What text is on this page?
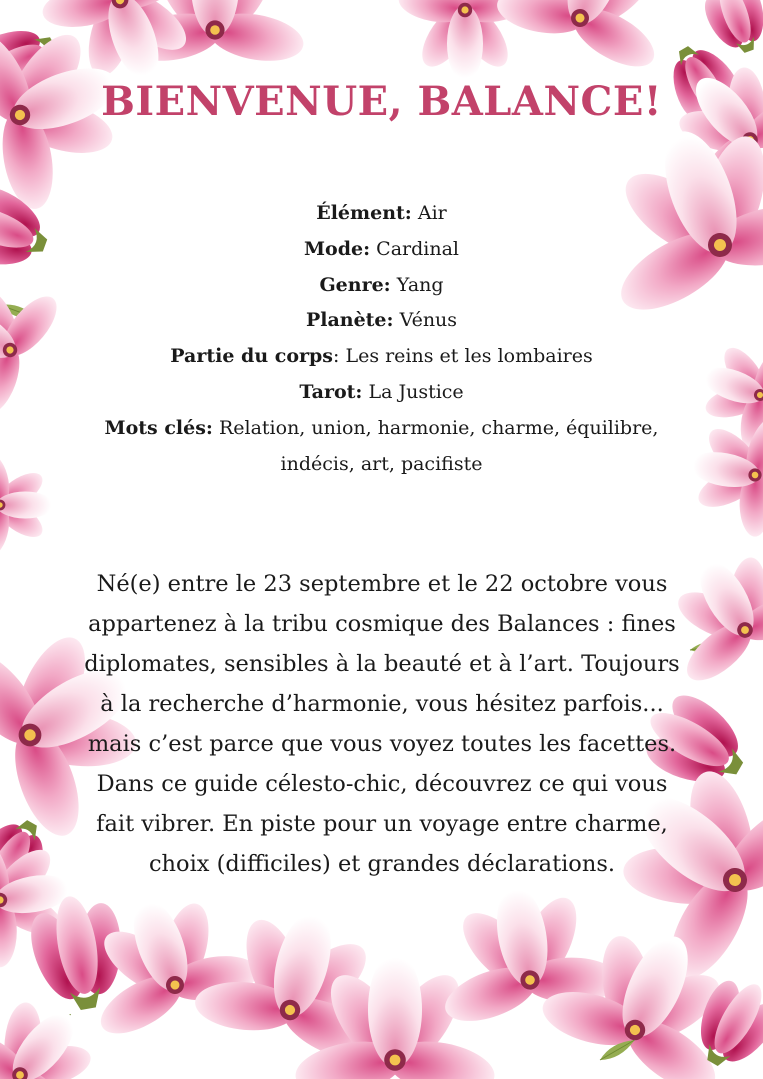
BIENVENUE, BALANCE!
Élément: Air
Mode: Cardinal
Genre: Yang
Planète: Vénus
Partie du corps: Les reins et les lombaires
Tarot: La Justice
Mots clés: Relation, union, harmonie, charme, équilibre, indécis, art, pacifiste

Né(e) entre le 23 septembre et le 22 octobre vous appartenez à la tribu cosmique des Balances : fines diplomates, sensibles à la beauté et à l’art. Toujours à la recherche d’harmonie, vous hésitez parfois... mais c’est parce que vous voyez toutes les facettes. Dans ce guide célesto-chic, découvrez ce qui vous fait vibrer. En piste pour un voyage entre charme, choix (difficiles) et grandes déclarations.
